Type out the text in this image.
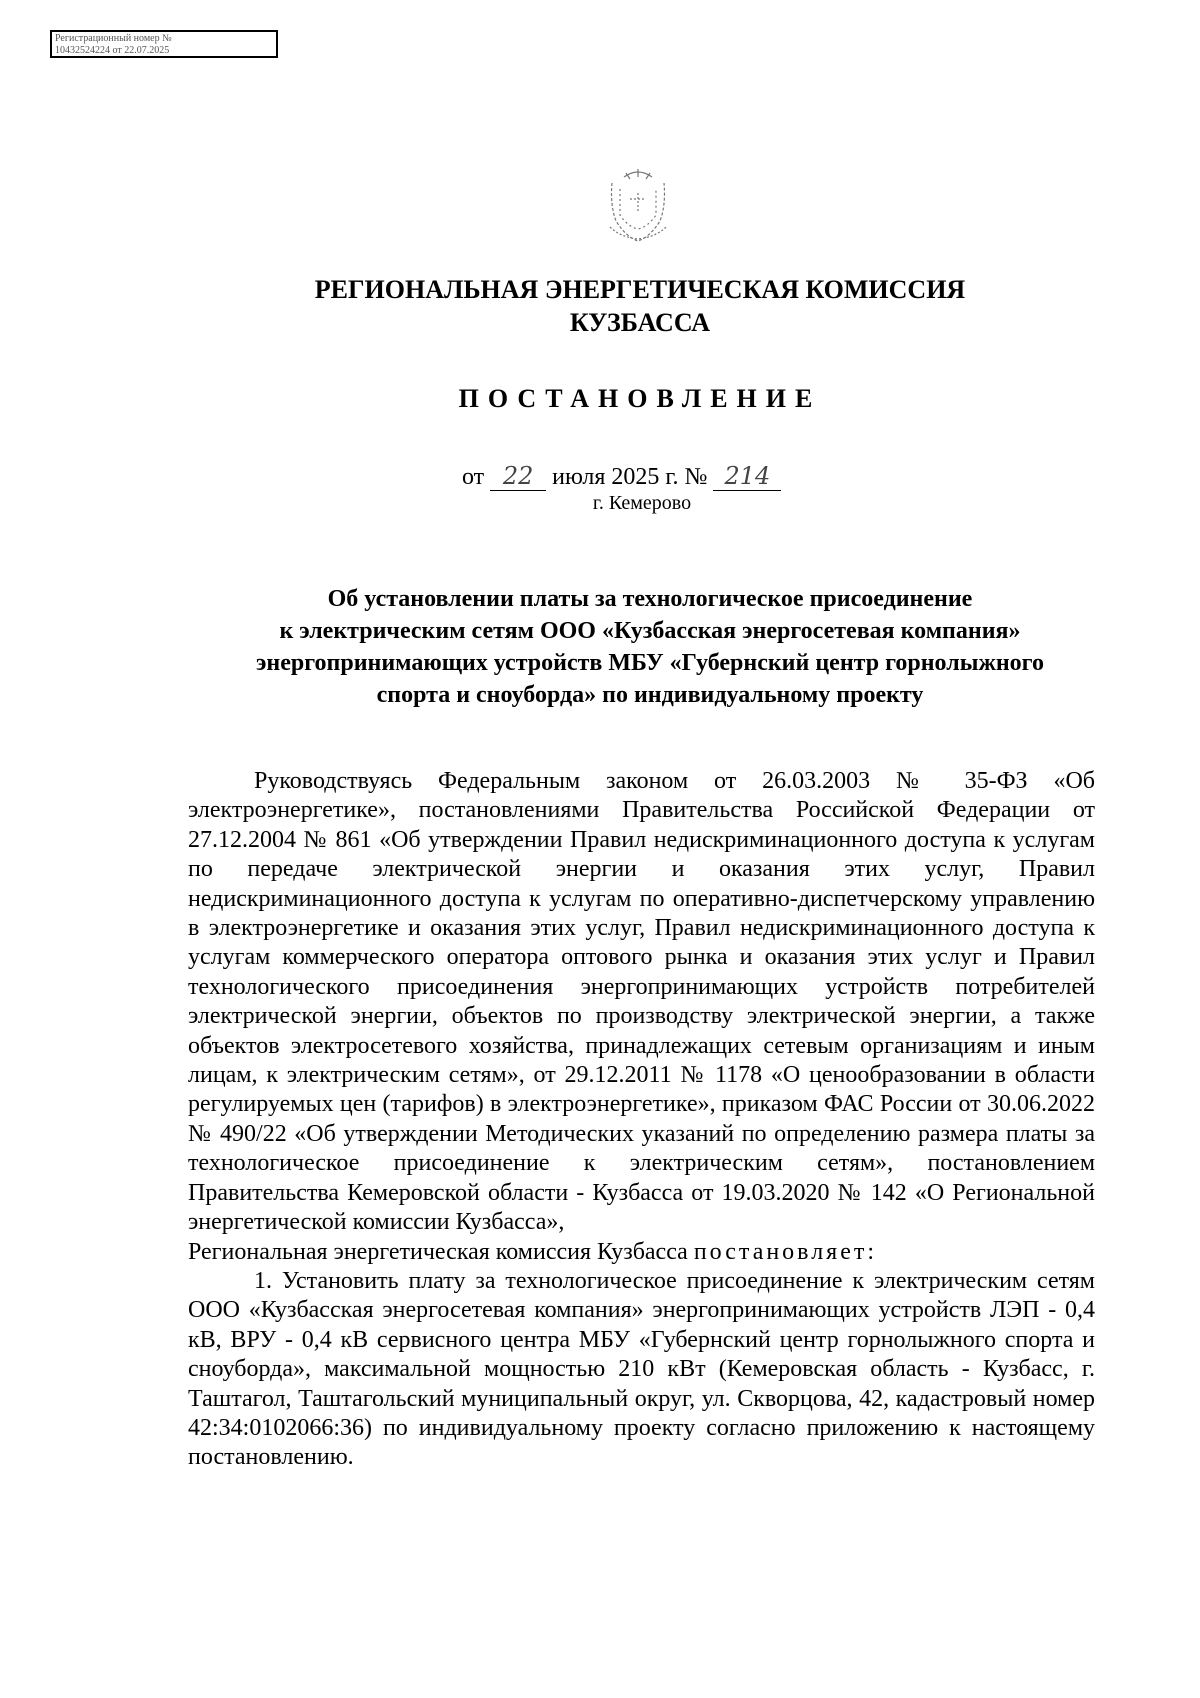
Регистрационный номер №
10432524224 от 22.07.2025
РЕГИОНАЛЬНАЯ ЭНЕРГЕТИЧЕСКАЯ КОМИССИЯ
КУЗБАССА
ПОСТАНОВЛЕНИЕ
от 22 июля 2025 г. № 214
г. Кемерово
Об установлении платы за технологическое присоединение
к электрическим сетям ООО «Кузбасская энергосетевая компания»
энергопринимающих устройств МБУ «Губернский центр горнолыжного
спорта и сноуборда» по индивидуальному проекту

Руководствуясь Федеральным законом от 26.03.2003 № 35-ФЗ «Об электроэнергетике», постановлениями Правительства Российской Федерации от 27.12.2004 № 861 «Об утверждении Правил недискриминационного доступа к услугам по передаче электрической энергии и оказания этих услуг, Правил недискриминационного доступа к услугам по оперативно-диспетчерскому управлению в электроэнергетике и оказания этих услуг, Правил недискриминационного доступа к услугам коммерческого оператора оптового рынка и оказания этих услуг и Правил технологического присоединения энергопринимающих устройств потребителей электрической энергии, объектов по производству электрической энергии, а также объектов электросетевого хозяйства, принадлежащих сетевым организациям и иным лицам, к электрическим сетям», от 29.12.2011 № 1178 «О ценообразовании в области регулируемых цен (тарифов) в электроэнергетике», приказом ФАС России от 30.06.2022 № 490/22 «Об утверждении Методических указаний по определению размера платы за технологическое присоединение к электрическим сетям», постановлением Правительства Кемеровской области - Кузбасса от 19.03.2020 № 142 «О Региональной энергетической комиссии Кузбасса»,
Региональная энергетическая комиссия Кузбасса постановляет:

1. Установить плату за технологическое присоединение к электрическим сетям ООО «Кузбасская энергосетевая компания» энергопринимающих устройств ЛЭП - 0,4 кВ, ВРУ - 0,4 кВ сервисного центра МБУ «Губернский центр горнолыжного спорта и сноуборда», максимальной мощностью 210 кВт (Кемеровская область - Кузбасс, г. Таштагол, Таштагольский муниципальный округ, ул. Скворцова, 42, кадастровый номер 42:34:0102066:36) по индивидуальному проекту согласно приложению к настоящему постановлению.
